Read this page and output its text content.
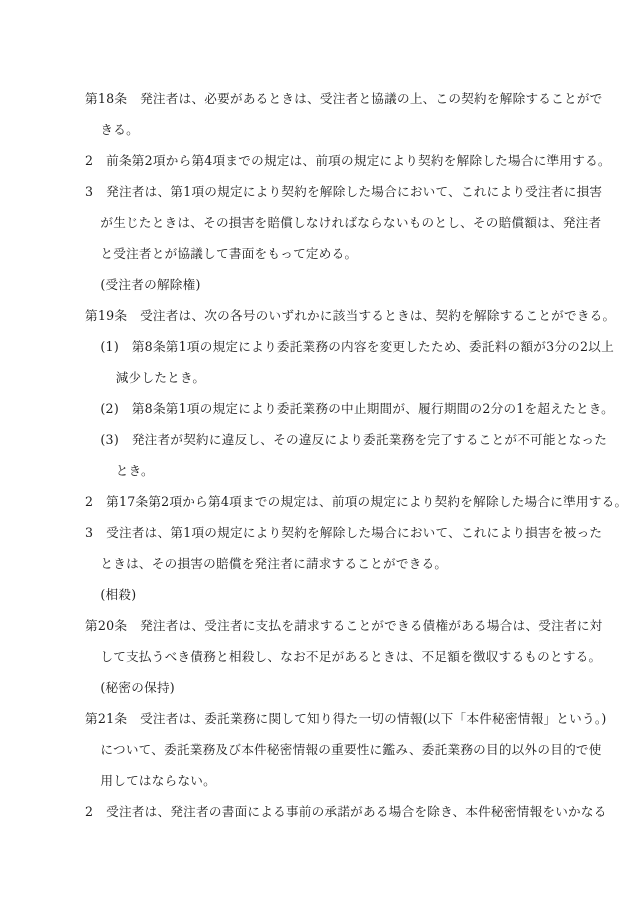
第18条　発注者は、必要があるときは、受注者と協議の上、この契約を解除することがで
きる。
2　前条第2項から第4項までの規定は、前項の規定により契約を解除した場合に準用する。
3　発注者は、第1項の規定により契約を解除した場合において、これにより受注者に損害
が生じたときは、その損害を賠償しなければならないものとし、その賠償額は、発注者
と受注者とが協議して書面をもって定める。
(受注者の解除権)
第19条　受注者は、次の各号のいずれかに該当するときは、契約を解除することができる。
(1)　第8条第1項の規定により委託業務の内容を変更したため、委託料の額が3分の2以上
減少したとき。
(2)　第8条第1項の規定により委託業務の中止期間が、履行期間の2分の1を超えたとき。
(3)　発注者が契約に違反し、その違反により委託業務を完了することが不可能となった
とき。
2　第17条第2項から第4項までの規定は、前項の規定により契約を解除した場合に準用する。
3　受注者は、第1項の規定により契約を解除した場合において、これにより損害を被った
ときは、その損害の賠償を発注者に請求することができる。
(相殺)
第20条　発注者は、受注者に支払を請求することができる債権がある場合は、受注者に対
して支払うべき債務と相殺し、なお不足があるときは、不足額を徴収するものとする。
(秘密の保持)
第21条　受注者は、委託業務に関して知り得た一切の情報(以下「本件秘密情報」という。)
について、委託業務及び本件秘密情報の重要性に鑑み、委託業務の目的以外の目的で使
用してはならない。
2　受注者は、発注者の書面による事前の承諾がある場合を除き、本件秘密情報をいかなる
